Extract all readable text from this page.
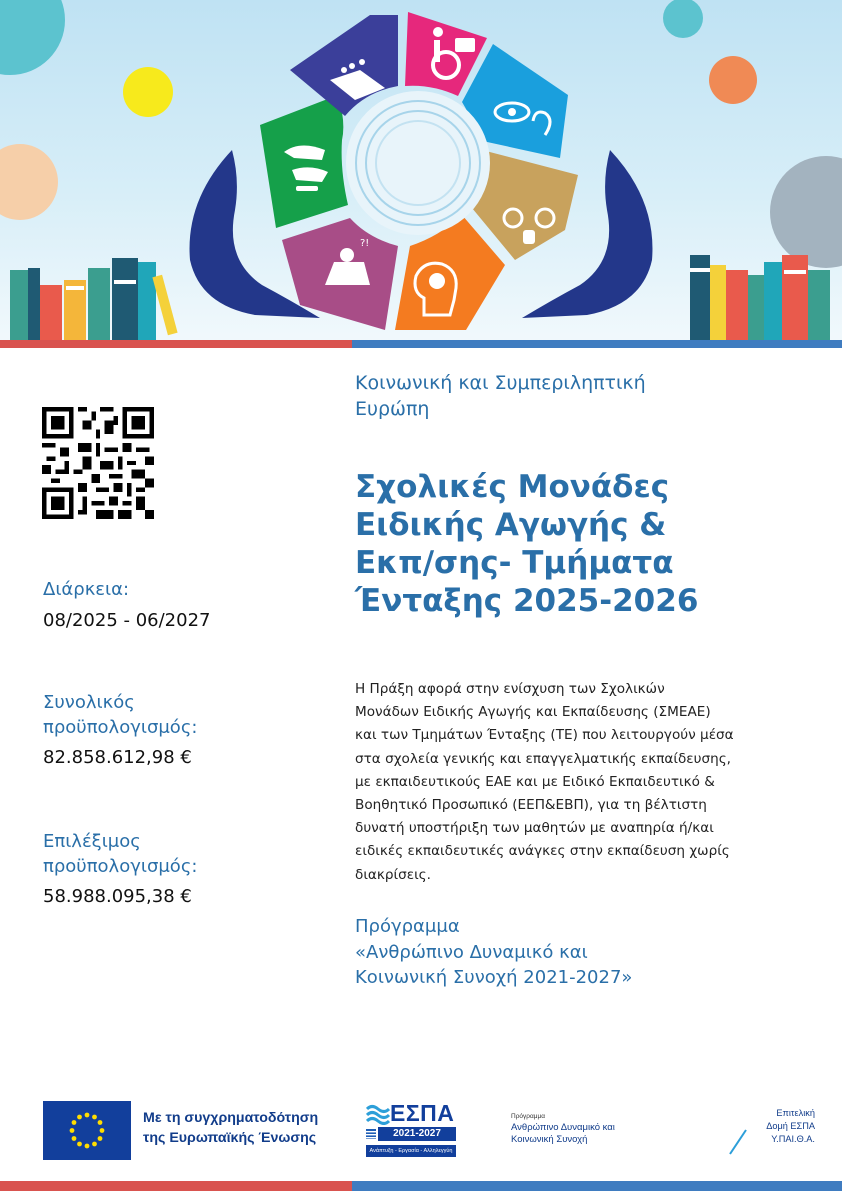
?!
Διάρκεια:
08/2025 - 06/2027
Συνολικός
προϋπολογισμός:
82.858.612,98 €
Επιλέξιμος
προϋπολογισμός:
58.988.095,38 €
Κοινωνική και Συμπεριληπτική
Ευρώπη
Σχολικές Μονάδες
Ειδικής Αγωγής &
Εκπ/σης- Τμήματα
Ένταξης 2025-2026
Η Πράξη αφορά στην ενίσχυση των Σχολικών
Μονάδων Ειδικής Αγωγής και Εκπαίδευσης (ΣΜΕΑΕ)
και των Τμημάτων Ένταξης (ΤΕ) που λειτουργούν μέσα
στα σχολεία γενικής και επαγγελματικής εκπαίδευσης,
με εκπαιδευτικούς ΕΑΕ και με Ειδικό Εκπαιδευτικό &
Βοηθητικό Προσωπικό (ΕΕΠ&ΕΒΠ), για τη βέλτιστη
δυνατή υποστήριξη των μαθητών με αναπηρία ή/και
ειδικές εκπαιδευτικές ανάγκες στην εκπαίδευση χωρίς
διακρίσεις.
Πρόγραμμα
«Ανθρώπινο Δυναμικό και
Κοινωνική Συνοχή 2021-2027»
Με τη συγχρηματοδότηση
της Ευρωπαϊκής Ένωσης
ΕΣΠΑ
2021-2027
Ανάπτυξη - Εργασία - Αλληλεγγύη
Πρόγραμμα
Ανθρώπινο Δυναμικό και
Κοινωνική Συνοχή
Επιτελική
Δομή ΕΣΠΑ
Υ.ΠΑΙ.Θ.Α.
